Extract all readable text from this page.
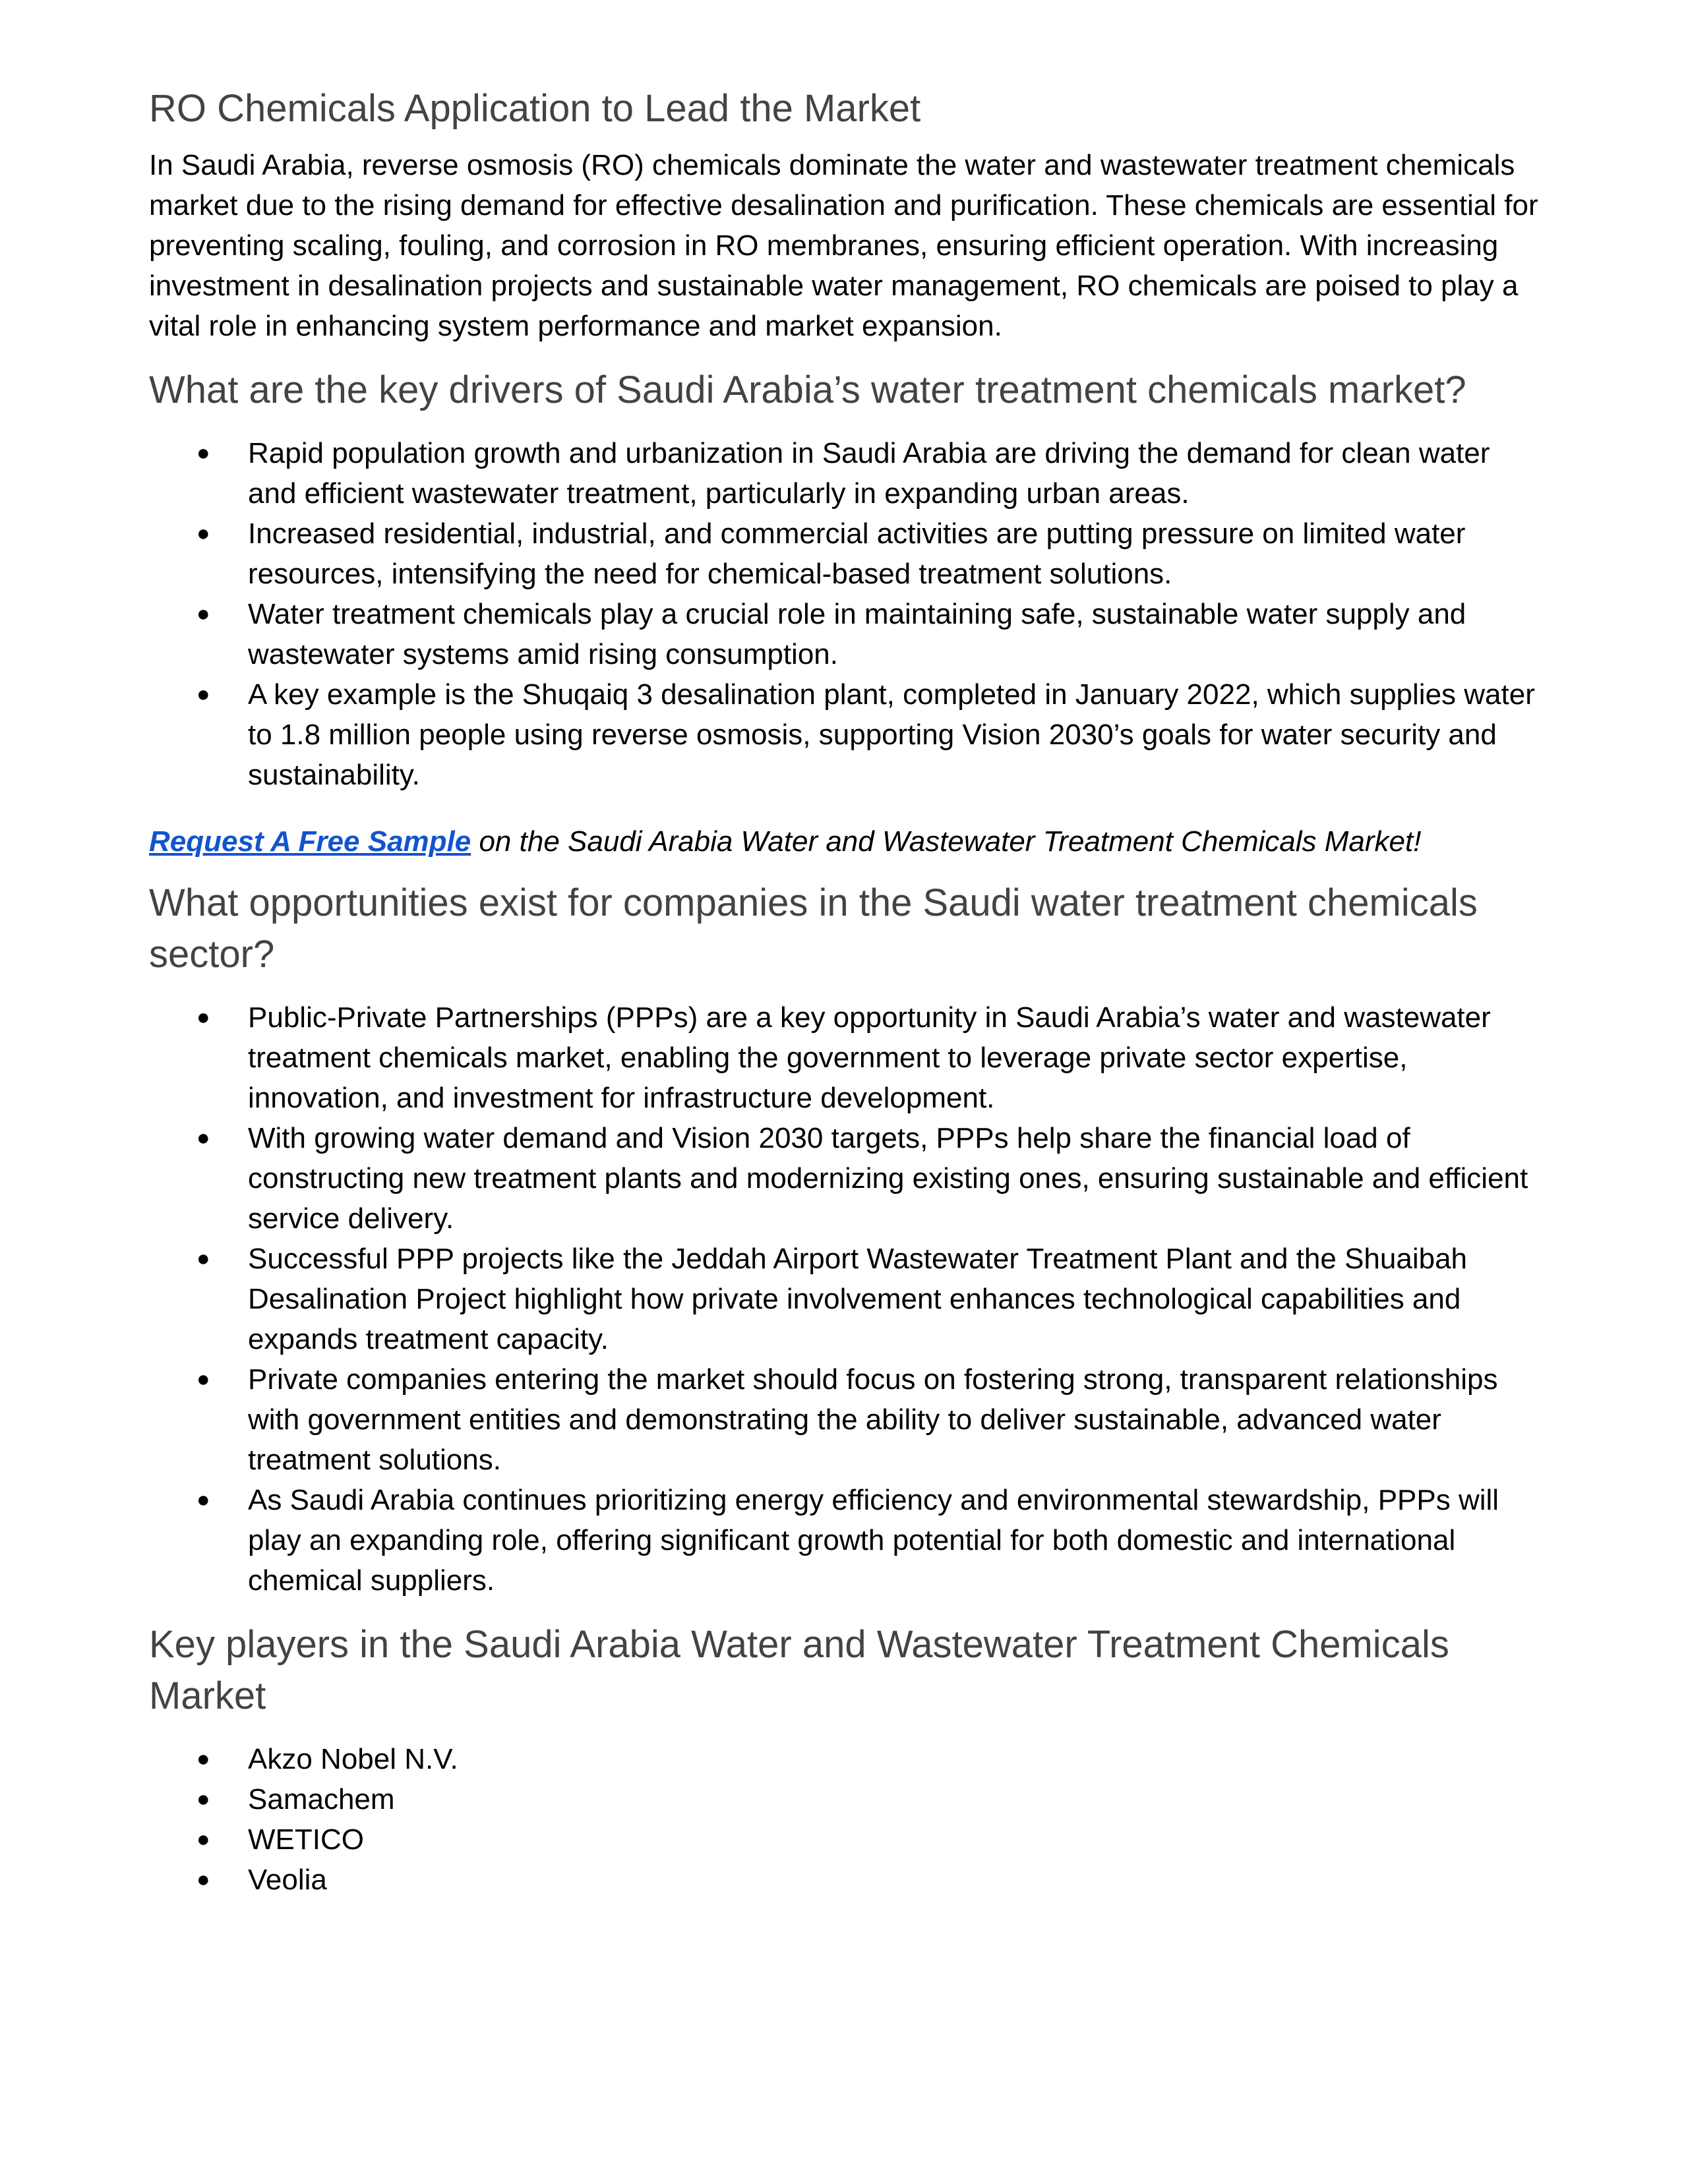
RO Chemicals Application to Lead the Market

In Saudi Arabia, reverse osmosis (RO) chemicals dominate the water and wastewater treatment chemicals market due to the rising demand for effective desalination and purification. These chemicals are essential for preventing scaling, fouling, and corrosion in RO membranes, ensuring efficient operation. With increasing investment in desalination projects and sustainable water management, RO chemicals are poised to play a vital role in enhancing system performance and market expansion.

What are the key drivers of Saudi Arabia’s water treatment chemicals market?
● Rapid population growth and urbanization in Saudi Arabia are driving the demand for clean water and efficient wastewater treatment, particularly in expanding urban areas.
● Increased residential, industrial, and commercial activities are putting pressure on limited water resources, intensifying the need for chemical-based treatment solutions.
● Water treatment chemicals play a crucial role in maintaining safe, sustainable water supply and wastewater systems amid rising consumption.
● A key example is the Shuqaiq 3 desalination plant, completed in January 2022, which supplies water to 1.8 million people using reverse osmosis, supporting Vision 2030’s goals for water security and sustainability.

Request A Free Sample on the Saudi Arabia Water and Wastewater Treatment Chemicals Market!

What opportunities exist for companies in the Saudi water treatment chemicals sector?
● Public-Private Partnerships (PPPs) are a key opportunity in Saudi Arabia’s water and wastewater treatment chemicals market, enabling the government to leverage private sector expertise, innovation, and investment for infrastructure development.
● With growing water demand and Vision 2030 targets, PPPs help share the financial load of constructing new treatment plants and modernizing existing ones, ensuring sustainable and efficient service delivery.
● Successful PPP projects like the Jeddah Airport Wastewater Treatment Plant and the Shuaibah Desalination Project highlight how private involvement enhances technological capabilities and expands treatment capacity.
● Private companies entering the market should focus on fostering strong, transparent relationships with government entities and demonstrating the ability to deliver sustainable, advanced water treatment solutions.
● As Saudi Arabia continues prioritizing energy efficiency and environmental stewardship, PPPs will play an expanding role, offering significant growth potential for both domestic and international chemical suppliers.
Key players in the Saudi Arabia Water and Wastewater Treatment Chemicals Market
● Akzo Nobel N.V.
● Samachem
● WETICO
● Veolia
